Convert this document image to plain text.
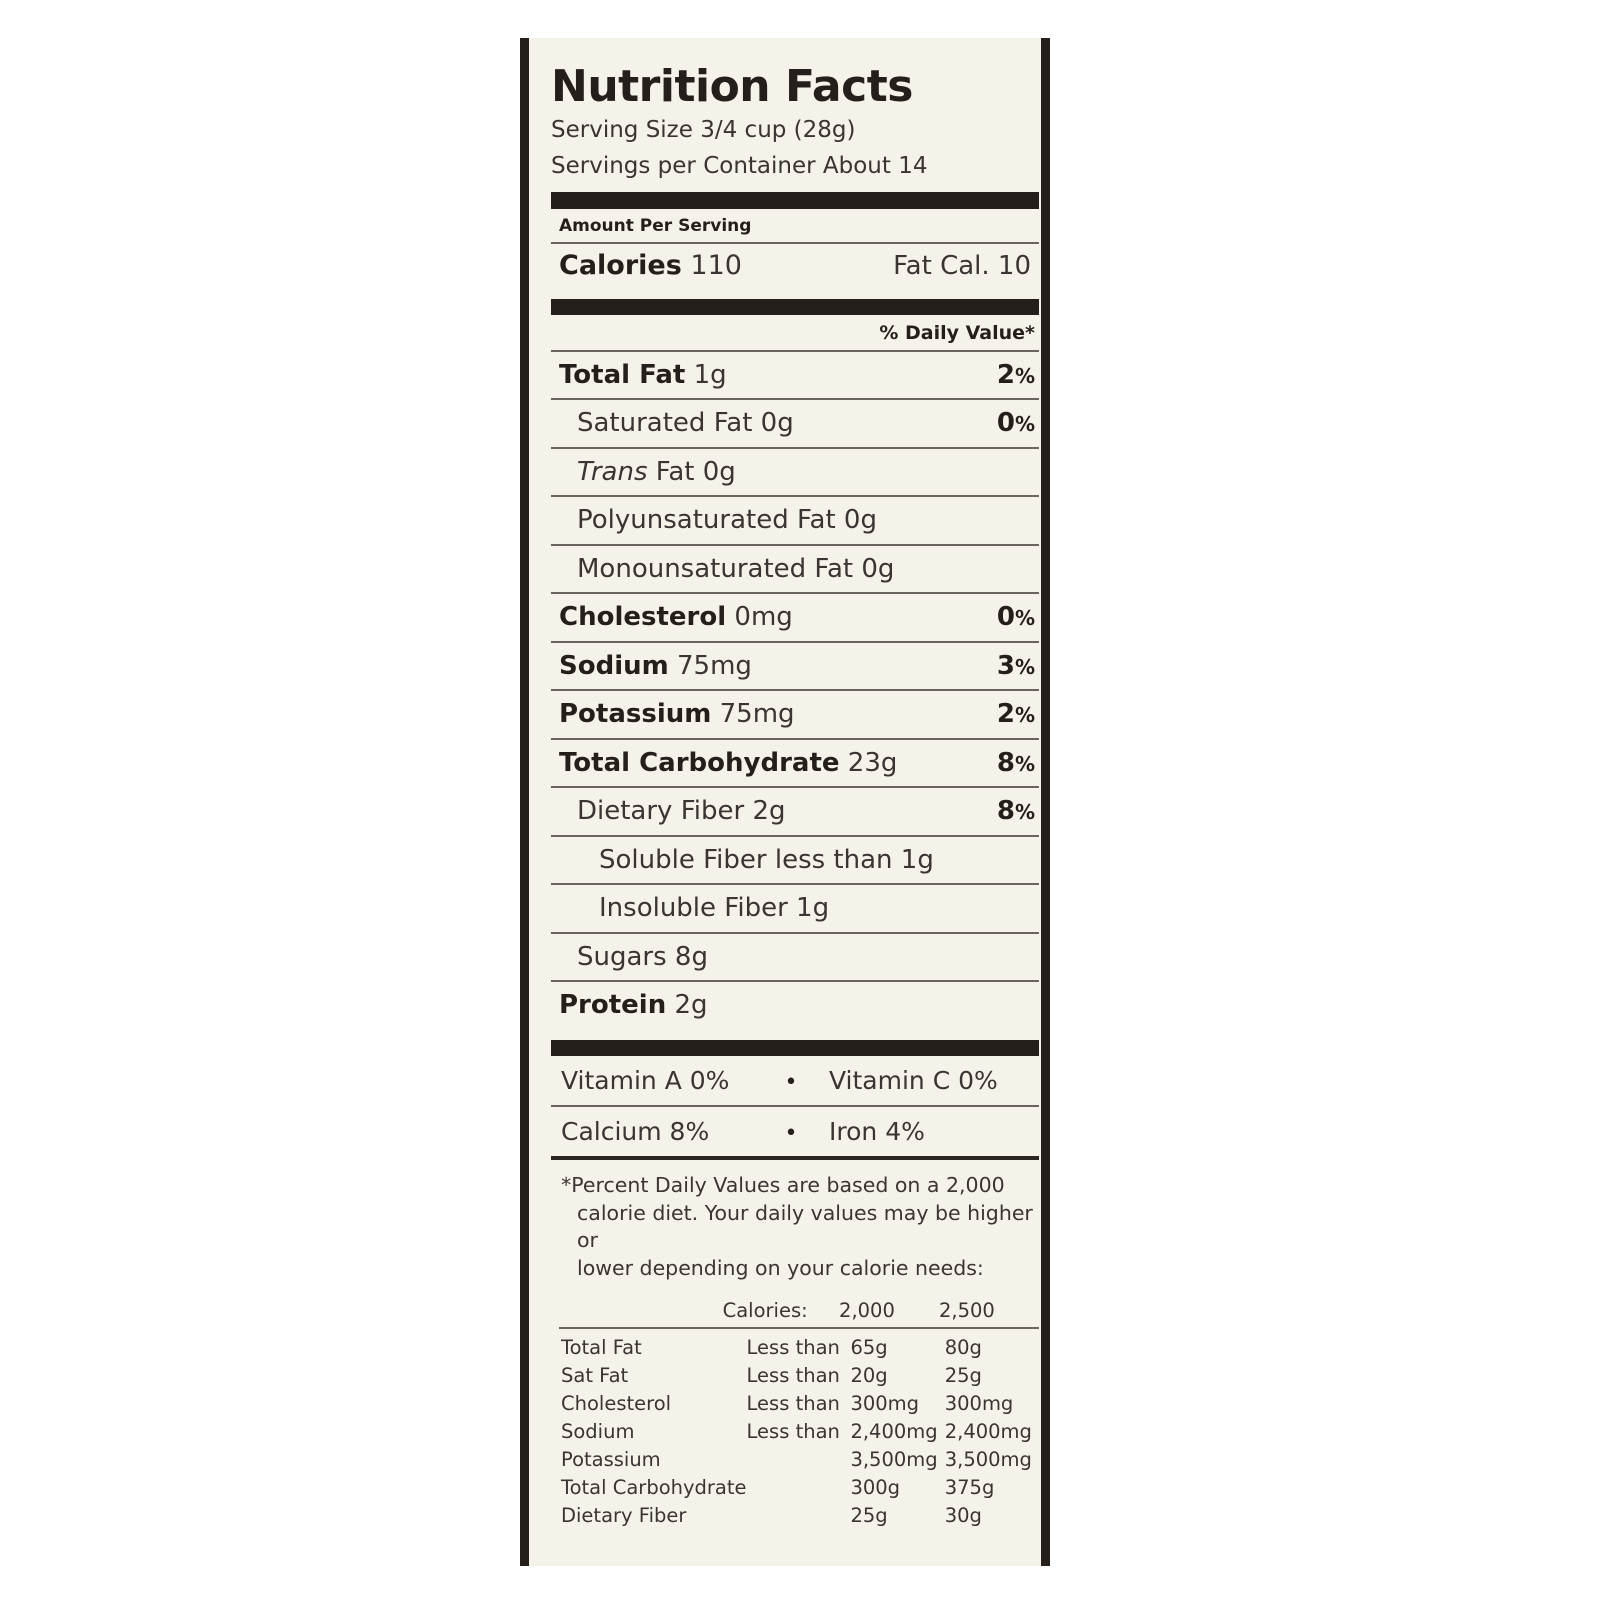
Nutrition Facts
Serving Size 3/4 cup (28g)
Servings per Container About 14
Amount Per Serving
Calories 110	Fat Cal. 10
% Daily Value*
Total Fat 1g	2%
Saturated Fat 0g	0%
Trans Fat 0g
Polyunsaturated Fat 0g
Monounsaturated Fat 0g
Cholesterol 0mg	0%
Sodium 75mg	3%
Potassium 75mg	2%
Total Carbohydrate 23g	8%
Dietary Fiber 2g	8%
Soluble Fiber less than 1g
Insoluble Fiber 1g
Sugars 8g
Protein 2g
Vitamin A 0%	•	Vitamin C 0%
Calcium 8%	•	Iron 4%
*Percent Daily Values are based on a 2,000
calorie diet. Your daily values may be higher or
lower depending on your calorie needs:
	Calories:	2,000	2,500
Total Fat	Less than	65g	80g
Sat Fat	Less than	20g	25g
Cholesterol	Less than	300mg	300mg
Sodium	Less than	2,400mg	2,400mg
Potassium		3,500mg	3,500mg
Total Carbohydrate		300g	375g
Dietary Fiber		25g	30g
